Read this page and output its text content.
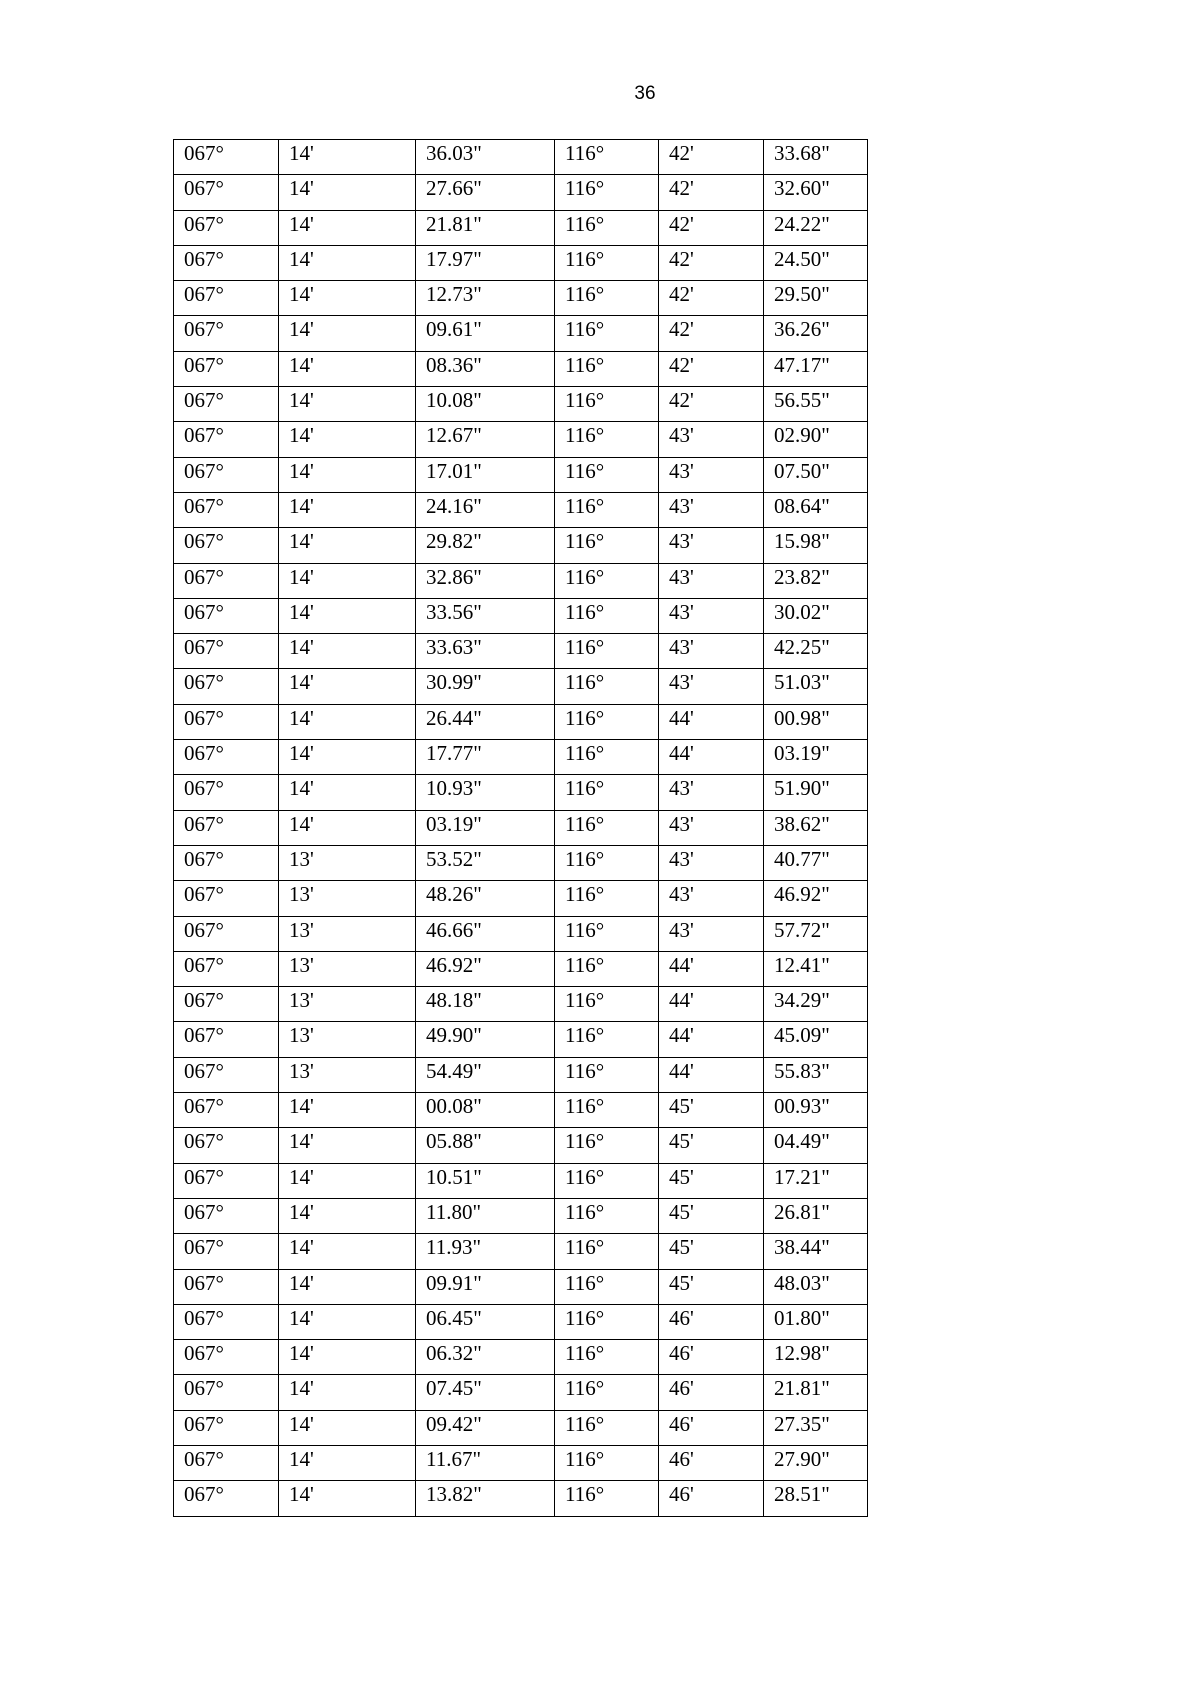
36
067°	14'	36.03"	116°	42'	33.68"
067°	14'	27.66"	116°	42'	32.60"
067°	14'	21.81"	116°	42'	24.22"
067°	14'	17.97"	116°	42'	24.50"
067°	14'	12.73"	116°	42'	29.50"
067°	14'	09.61"	116°	42'	36.26"
067°	14'	08.36"	116°	42'	47.17"
067°	14'	10.08"	116°	42'	56.55"
067°	14'	12.67"	116°	43'	02.90"
067°	14'	17.01"	116°	43'	07.50"
067°	14'	24.16"	116°	43'	08.64"
067°	14'	29.82"	116°	43'	15.98"
067°	14'	32.86"	116°	43'	23.82"
067°	14'	33.56"	116°	43'	30.02"
067°	14'	33.63"	116°	43'	42.25"
067°	14'	30.99"	116°	43'	51.03"
067°	14'	26.44"	116°	44'	00.98"
067°	14'	17.77"	116°	44'	03.19"
067°	14'	10.93"	116°	43'	51.90"
067°	14'	03.19"	116°	43'	38.62"
067°	13'	53.52"	116°	43'	40.77"
067°	13'	48.26"	116°	43'	46.92"
067°	13'	46.66"	116°	43'	57.72"
067°	13'	46.92"	116°	44'	12.41"
067°	13'	48.18"	116°	44'	34.29"
067°	13'	49.90"	116°	44'	45.09"
067°	13'	54.49"	116°	44'	55.83"
067°	14'	00.08"	116°	45'	00.93"
067°	14'	05.88"	116°	45'	04.49"
067°	14'	10.51"	116°	45'	17.21"
067°	14'	11.80"	116°	45'	26.81"
067°	14'	11.93"	116°	45'	38.44"
067°	14'	09.91"	116°	45'	48.03"
067°	14'	06.45"	116°	46'	01.80"
067°	14'	06.32"	116°	46'	12.98"
067°	14'	07.45"	116°	46'	21.81"
067°	14'	09.42"	116°	46'	27.35"
067°	14'	11.67"	116°	46'	27.90"
067°	14'	13.82"	116°	46'	28.51"
